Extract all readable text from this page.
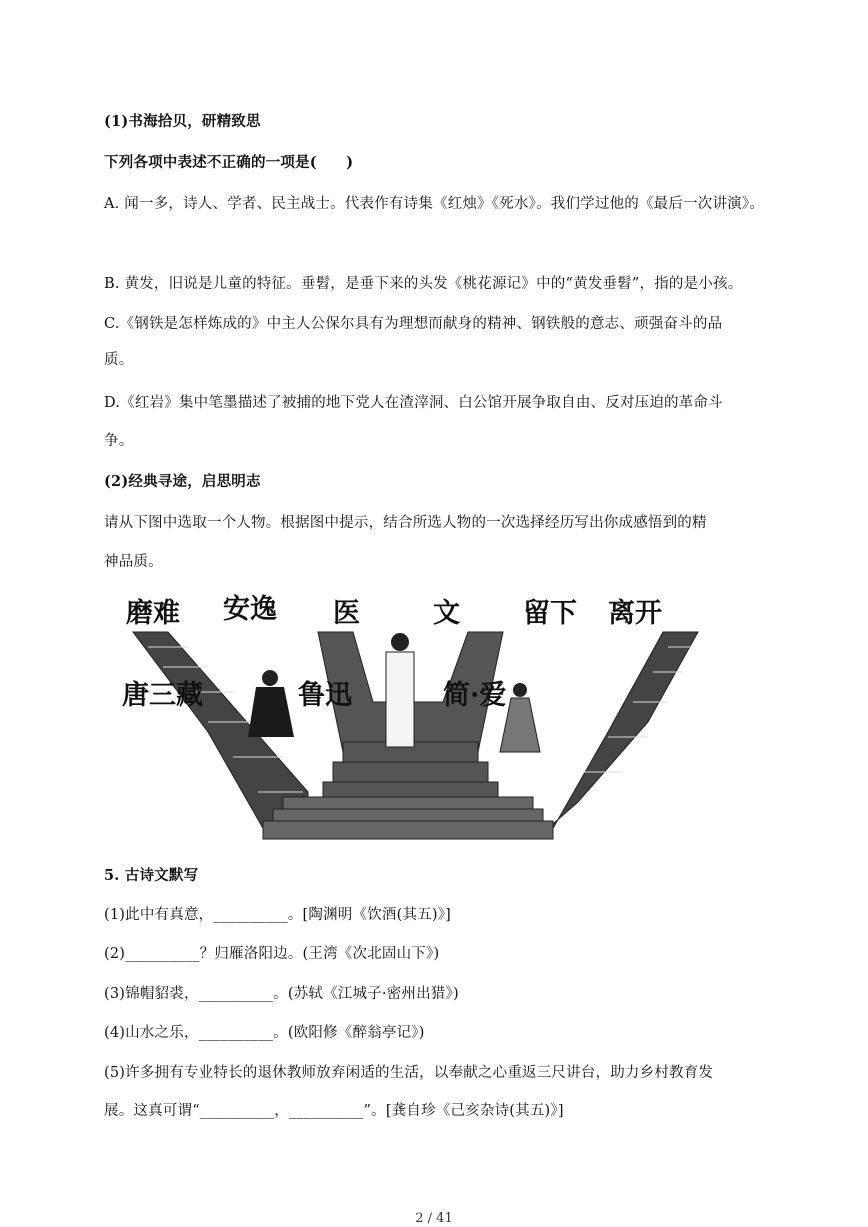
(1)书海拾贝，研精致思
下列各项中表述不正确的一项是(　　)
A. 闻一多，诗人、学者、民主战士。代表作有诗集《红烛》《死水》。我们学过他的《最后一次讲演》。
B. 黄发，旧说是儿童的特征。垂髫，是垂下来的头发《桃花源记》中的“黄发垂髫”，指的是小孩。
C.《钢铁是怎样炼成的》中主人公保尔具有为理想而献身的精神、钢铁般的意志、顽强奋斗的品
质。
D.《红岩》集中笔墨描述了被捕的地下党人在渣滓洞、白公馆开展争取自由、反对压迫的革命斗
争。
(2)经典寻途，启思明志
请从下图中选取一个人物。根据图中提示，结合所选人物的一次选择经历写出你成感悟到的精
神品质。
磨难 安逸 医	文 留下 离开
唐三藏	鲁迅	简·爱
5. 古诗文默写
(1)此中有真意，__________。[陶渊明《饮酒(其五)》]
(2)__________？归雁洛阳边。(王湾《次北固山下》)
(3)锦帽貂裘，__________。(苏轼《江城子·密州出猎》)
(4)山水之乐，__________。(欧阳修《醉翁亭记》)
(5)许多拥有专业特长的退休教师放弃闲适的生活，以奉献之心重返三尺讲台，助力乡村教育发
展。这真可谓“__________，__________”。[龚自珍《己亥杂诗(其五)》]
2 / 41
